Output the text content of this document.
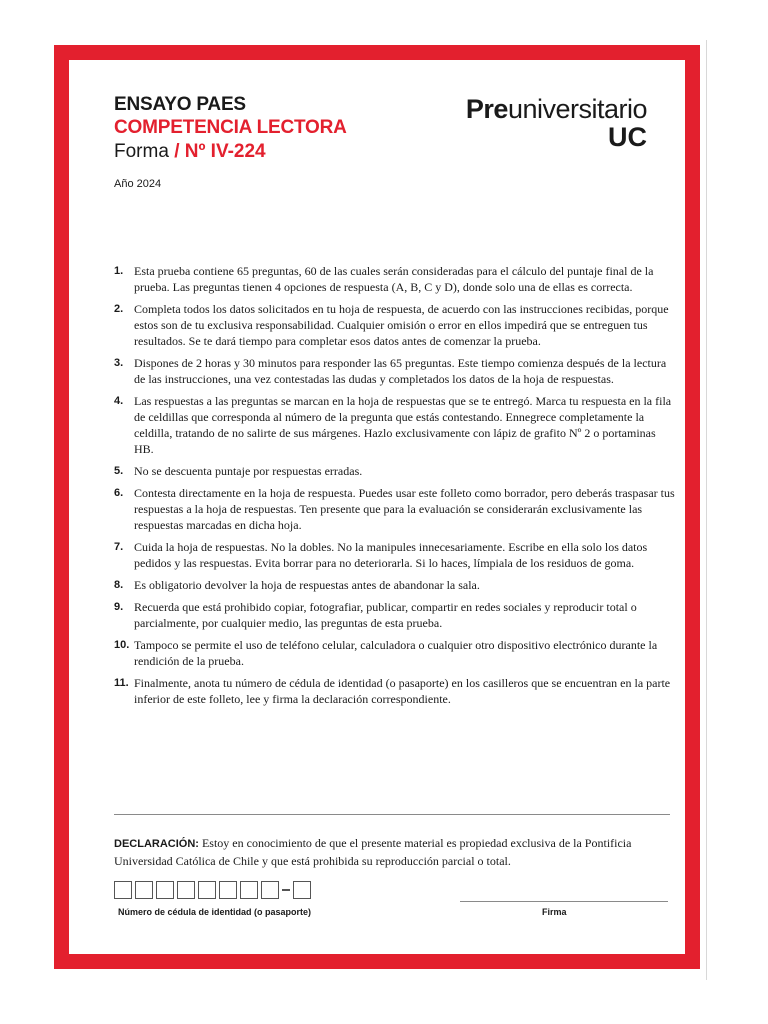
ENSAYO PAES
COMPETENCIA LECTORA
Forma / Nº IV-224
Año 2024
Preuniversitario
UC
1. Esta prueba contiene 65 preguntas, 60 de las cuales serán consideradas para el cálculo del puntaje final de la prueba. Las preguntas tienen 4 opciones de respuesta (A, B, C y D), donde solo una de ellas es correcta.
2. Completa todos los datos solicitados en tu hoja de respuesta, de acuerdo con las instrucciones recibidas, porque estos son de tu exclusiva responsabilidad. Cualquier omisión o error en ellos impedirá que se entreguen tus resultados. Se te dará tiempo para completar esos datos antes de comenzar la prueba.
3. Dispones de 2 horas y 30 minutos para responder las 65 preguntas. Este tiempo comienza después de la lectura de las instrucciones, una vez contestadas las dudas y completados los datos de la hoja de respuestas.
4. Las respuestas a las preguntas se marcan en la hoja de respuestas que se te entregó. Marca tu respuesta en la fila de celdillas que corresponda al número de la pregunta que estás contestando. Ennegrece completamente la celdilla, tratando de no salirte de sus márgenes. Hazlo exclusivamente con lápiz de grafito Nº 2 o portaminas HB.
5. No se descuenta puntaje por respuestas erradas.
6. Contesta directamente en la hoja de respuesta. Puedes usar este folleto como borrador, pero deberás traspasar tus respuestas a la hoja de respuestas. Ten presente que para la evaluación se considerarán exclusivamente las respuestas marcadas en dicha hoja.
7. Cuida la hoja de respuestas. No la dobles. No la manipules innecesariamente. Escribe en ella solo los datos pedidos y las respuestas. Evita borrar para no deteriorarla. Si lo haces, límpiala de los residuos de goma.
8. Es obligatorio devolver la hoja de respuestas antes de abandonar la sala.
9. Recuerda que está prohibido copiar, fotografiar, publicar, compartir en redes sociales y reproducir total o parcialmente, por cualquier medio, las preguntas de esta prueba.
10. Tampoco se permite el uso de teléfono celular, calculadora o cualquier otro dispositivo electrónico durante la rendición de la prueba.
11. Finalmente, anota tu número de cédula de identidad (o pasaporte) en los casilleros que se encuentran en la parte inferior de este folleto, lee y firma la declaración correspondiente.
DECLARACIÓN: Estoy en conocimiento de que el presente material es propiedad exclusiva de la Pontificia Universidad Católica de Chile y que está prohibida su reproducción parcial o total.
Número de cédula de identidad (o pasaporte)	Firma
